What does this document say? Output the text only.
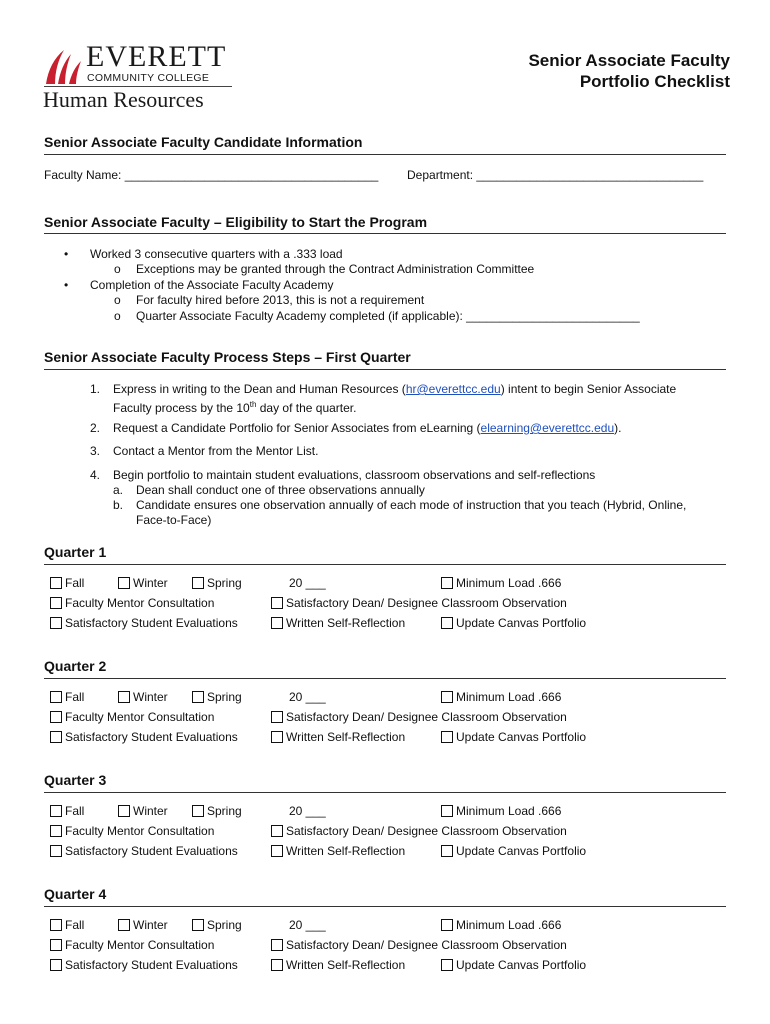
EVERETT
COMMUNITY COLLEGE
Human Resources
Senior Associate Faculty
Portfolio Checklist
Senior Associate Faculty Candidate Information
Faculty Name: ______________________________________ Department: __________________________________
Senior Associate Faculty – Eligibility to Start the Program
• Worked 3 consecutive quarters with a .333 load
o Exceptions may be granted through the Contract Administration Committee
• Completion of the Associate Faculty Academy
o For faculty hired before 2013, this is not a requirement
o Quarter Associate Faculty Academy completed (if applicable): __________________________
Senior Associate Faculty Process Steps – First Quarter
1. Express in writing to the Dean and Human Resources (hr@everettcc.edu) intent to begin Senior Associate
Faculty process by the 10th day of the quarter.
2. Request a Candidate Portfolio for Senior Associates from eLearning (elearning@everettcc.edu).
3. Contact a Mentor from the Mentor List.
4. Begin portfolio to maintain student evaluations, classroom observations and self-reflections
a. Dean shall conduct one of three observations annually
b. Candidate ensures one observation annually of each mode of instruction that you teach (Hybrid, Online,
Face-to-Face)
Quarter 1
Fall	Winter	Spring	20 ___	Minimum Load .666
Faculty Mentor Consultation	Satisfactory Dean/ Designee Classroom Observation
Satisfactory Student Evaluations	Written Self-Reflection	Update Canvas Portfolio
Quarter 2
Fall	Winter	Spring	20 ___	Minimum Load .666
Faculty Mentor Consultation	Satisfactory Dean/ Designee Classroom Observation
Satisfactory Student Evaluations	Written Self-Reflection	Update Canvas Portfolio
Quarter 3
Fall	Winter	Spring	20 ___	Minimum Load .666
Faculty Mentor Consultation	Satisfactory Dean/ Designee Classroom Observation
Satisfactory Student Evaluations	Written Self-Reflection	Update Canvas Portfolio
Quarter 4
Fall	Winter	Spring	20 ___	Minimum Load .666
Faculty Mentor Consultation	Satisfactory Dean/ Designee Classroom Observation
Satisfactory Student Evaluations	Written Self-Reflection	Update Canvas Portfolio
